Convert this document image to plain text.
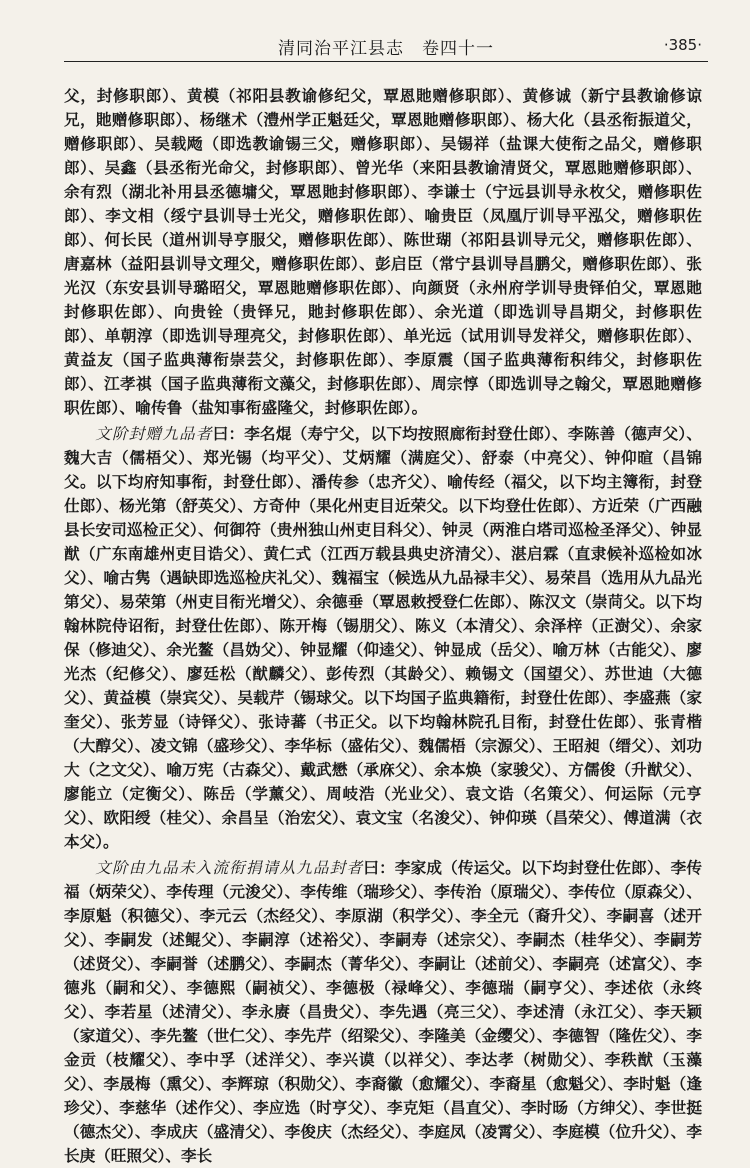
清同治平江县志　卷四十一	·385·

父，封修职郎）、黄模（祁阳县教谕修纪父，覃恩貤赠修职郎）、黄修诚（新宁县教谕修谅兄，貤赠修职郎）、杨继术（澧州学正魁廷父，覃恩貤赠修职郎）、杨大化（县丞衔振道父，赠修职郎）、吴载飏（即选教谕锡三父，赠修职郎）、吴锡祥（盐课大使衔之品父，赠修职郎）、吴鑫（县丞衔光命父，封修职郎）、曾光华（来阳县教谕清贤父，覃恩貤赠修职郎）、余有烈（湖北补用县丞德墉父，覃恩貤封修职郎）、李谦士（宁远县训导永枚父，赠修职佐郎）、李文相（绥宁县训导士光父，赠修职佐郎）、喻贵臣（凤凰厅训导平泓父，赠修职佐郎）、何长民（道州训导亨服父，赠修职佐郎）、陈世瑚（祁阳县训导元父，赠修职佐郎）、唐嘉林（益阳县训导文理父，赠修职佐郎）、彭启臣（常宁县训导昌鹏父，赠修职佐郎）、张光汉（东安县训导璐昭父，覃恩貤赠修职佐郎）、向颜贤（永州府学训导贵铎伯父，覃恩貤封修职佐郎）、向贵铨（贵铎兄，貤封修职佐郎）、余光道（即选训导昌期父，封修职佐郎）、单朝淳（即选训导理亮父，封修职佐郎）、单光远（试用训导发祥父，赠修职佐郎）、黄益友（国子监典薄衔崇芸父，封修职佐郎）、李原震（国子监典薄衔积纬父，封修职佐郎）、江孝祺（国子监典薄衔文藻父，封修职佐郎）、周宗惇（即选训导之翰父，覃恩貤赠修职佐郎）、喻传鲁（盐知事衔盛隆父，封修职佐郎）。

文阶封赠九品者曰：李名焜（寿宁父，以下均按照廊衔封登仕郎）、李陈善（德声父）、魏大吉（儒梧父）、郑光锡（均平父）、艾炳耀（满庭父）、舒泰（中亮父）、钟仰暄（昌锦父。以下均府知事衔，封登仕郎）、潘传参（忠齐父）、喻传经（福父，以下均主簿衔，封登仕郎）、杨光第（舒英父）、方奇仲（果化州吏目近荣父。以下均登仕佐郎）、方近荣（广西融县长安司巡检正父）、何御符（贵州独山州吏目科父）、钟灵（两淮白塔司巡检圣泽父）、钟显猷（广东南雄州吏目诰父）、黄仁式（江西万载县典史济清父）、湛启霖（直隶候补巡检如冰父）、喻古隽（遇缺即选巡检庆礼父）、魏福宝（候选从九品禄丰父）、易荣昌（选用从九品光第父）、易荣第（州吏目衔光增父）、余德垂（覃恩敕授登仁佐郎）、陈汉文（崇苘父。以下均翰林院侍诏衔，封登仕佐郎）、陈开梅（锡朋父）、陈义（本清父）、余泽梓（正澍父）、余家保（修迪父）、余光鳌（昌妫父）、钟显耀（仰逵父）、钟显成（岳父）、喻万林（古能父）、廖光杰（纪修父）、廖廷松（猷麟父）、彭传烈（其龄父）、赖锡文（国望父）、苏世迪（大德父）、黄益模（崇宾父）、吴载芹（锡球父。以下均国子监典籍衔，封登仕佐郎）、李盛燕（家奎父）、张芳显（诗铎父）、张诗蕃（书正父。以下均翰林院孔目衔，封登仕佐郎）、张青楷（大醇父）、凌文锦（盛珍父）、李华标（盛佑父）、魏儒梧（宗源父）、王昭昶（缙父）、刘功大（之文父）、喻万宪（古森父）、戴武懋（承庥父）、余本焕（家骏父）、方儒俊（升猷父）、廖能立（定衡父）、陈岳（学薰父）、周岐浩（光业父）、袁文诰（名策父）、何运际（元亨父）、欧阳绶（桂父）、余昌呈（治宏父）、袁文宝（名浚父）、钟仰瑛（昌荣父）、傅道满（衣本父）。

文阶由九品未入流衔捐请从九品封者曰：李家成（传运父。以下均封登仕佐郎）、李传福（炳荣父）、李传理（元浚父）、李传维（瑞珍父）、李传治（原瑞父）、李传位（原森父）、李原魁（积德父）、李元云（杰经父）、李原湖（积学父）、李全元（裔升父）、李嗣喜（述开父）、李嗣发（述鲲父）、李嗣淳（述裕父）、李嗣寿（述宗父）、李嗣杰（桂华父）、李嗣芳（述贤父）、李嗣誉（述鹏父）、李嗣杰（菁华父）、李嗣让（述前父）、李嗣亮（述富父）、李德兆（嗣和父）、李德熙（嗣祯父）、李德极（禄峰父）、李德瑞（嗣亨父）、李述依（永终父）、李若星（述清父）、李永赓（昌贵父）、李先遇（亮三父）、李述清（永江父）、李天颖（家道父）、李先鳌（世仁父）、李先芹（绍梁父）、李隆美（金缨父）、李德智（隆佐父）、李金贡（枝耀父）、李中孚（述洋父）、李兴谟（以祥父）、李达孝（树勋父）、李秩猷（玉藻父）、李晟梅（熏父）、李辉琼（积勋父）、李裔徽（愈耀父）、李裔星（愈魁父）、李时魁（逢珍父）、李慈华（述作父）、李应选（时亨父）、李克矩（昌直父）、李时旸（方绅父）、李世挺（德杰父）、李成庆（盛清父）、李俊庆（杰经父）、李庭凤（凌霄父）、李庭模（位升父）、李长庚（旺照父）、李长
